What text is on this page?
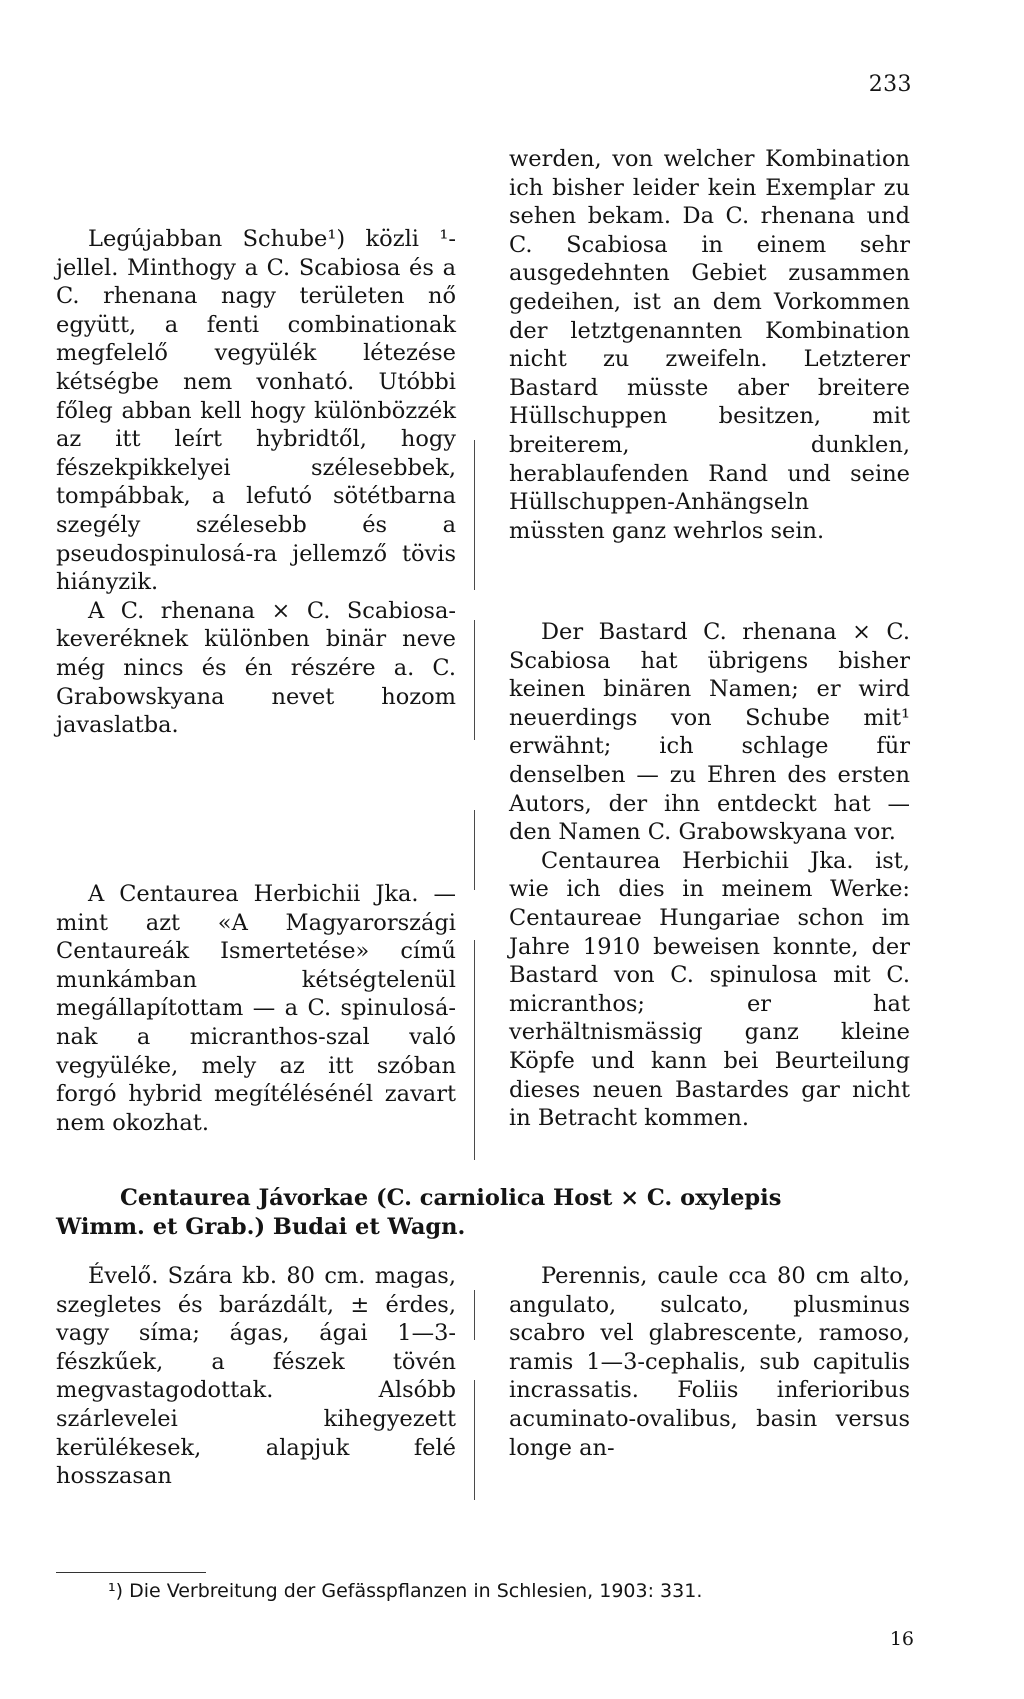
233

Legújabban Schube¹) közli ¹-jellel. Minthogy a C. Scabiosa és a C. rhenana nagy területen nő együtt, a fenti combinationak megfelelő vegyülék létezése kétségbe nem vonható. Utóbbi főleg abban kell hogy különbözzék az itt leírt hybridtől, hogy fészekpikkelyei szélesebbek, tompábbak, a lefutó sötétbarna szegély szélesebb és a pseudospinulosá-ra jellemző tövis hiányzik.

A C. rhenana × C. Scabiosa-keveréknek különben binär neve még nincs és én részére a. C. Grabowskyana nevet hozom javaslatba.

A Centaurea Herbichii Jka. — mint azt «A Magyarországi Centaureák Ismertetése» című munkámban kétségtelenül megállapítottam — a C. spinulosá-nak a micranthos-szal való vegyüléke, mely az itt szóban forgó hybrid megítélésénél zavart nem okozhat.

werden, von welcher Kombination ich bisher leider kein Exemplar zu sehen bekam. Da C. rhenana und C. Scabiosa in einem sehr ausgedehnten Gebiet zusammen gedeihen, ist an dem Vorkommen der letztgenannten Kombination nicht zu zweifeln. Letzterer Bastard müsste aber breitere Hüllschuppen besitzen, mit breiterem, dunklen, herablaufenden Rand und seine Hüllschuppen-Anhängseln müssten ganz wehrlos sein.

Der Bastard C. rhenana × C. Scabiosa hat übrigens bisher keinen binären Namen; er wird neuerdings von Schube mit¹ erwähnt; ich schlage für denselben — zu Ehren des ersten Autors, der ihn entdeckt hat — den Namen C. Grabowskyana vor.

Centaurea Herbichii Jka. ist, wie ich dies in meinem Werke: Centaureae Hungariae schon im Jahre 1910 beweisen konnte, der Bastard von C. spinulosa mit C. micranthos; er hat verhältnismässig ganz kleine Köpfe und kann bei Beurteilung dieses neuen Bastardes gar nicht in Betracht kommen.

Centaurea Jávorkae (C. carniolica Host × C. oxylepis
Wimm. et Grab.) Budai et Wagn.

Évelő. Szára kb. 80 cm. magas, szegletes és barázdált, ± érdes, vagy síma; ágas, ágai 1—3-fészkűek, a fészek tövén megvastagodottak. Alsóbb szárlevelei kihegyezett kerülékesek, alapjuk felé hosszasan

Perennis, caule cca 80 cm alto, angulato, sulcato, plusminus scabro vel glabrescente, ramoso, ramis 1—3-cephalis, sub capitulis incrassatis. Foliis inferioribus acuminato-ovalibus, basin versus longe an-

¹) Die Verbreitung der Gefässpflanzen in Schlesien, 1903: 331.
16
